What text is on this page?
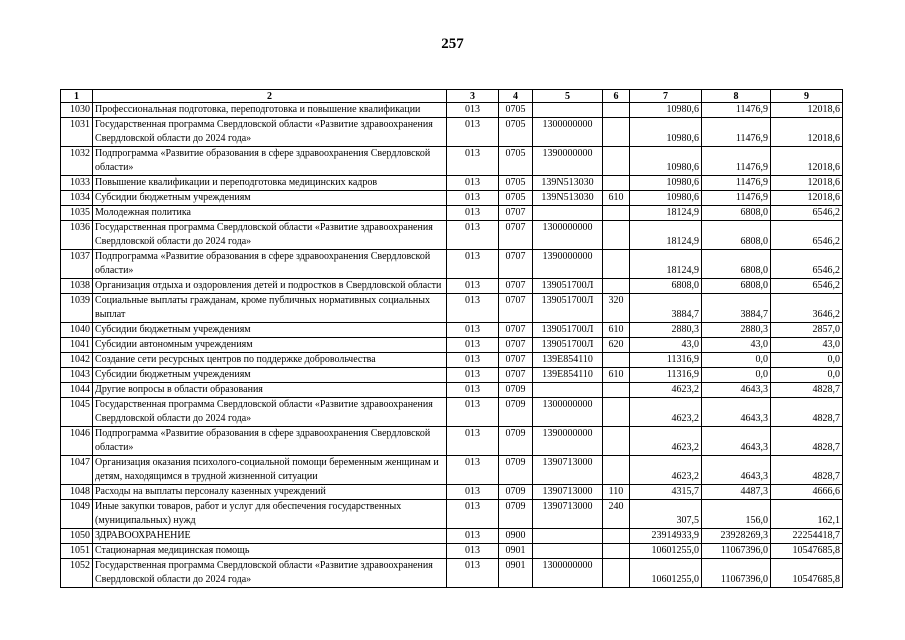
257
1	2	3	4	5	6	7	8	9
1030	Профессиональная подготовка, переподготовка и повышение квалификации	013	0705			10980,6	11476,9	12018,6
1031	Государственная программа Свердловской области «Развитие здравоохранения Свердловской области до 2024 года»	013	0705	1300000000		10980,6	11476,9	12018,6
1032	Подпрограмма «Развитие образования в сфере здравоохранения Свердловской области»	013	0705	1390000000		10980,6	11476,9	12018,6
1033	Повышение квалификации и переподготовка медицинских кадров	013	0705	139N513030		10980,6	11476,9	12018,6
1034	Субсидии бюджетным учреждениям	013	0705	139N513030	610	10980,6	11476,9	12018,6
1035	Молодежная политика	013	0707			18124,9	6808,0	6546,2
1036	Государственная программа Свердловской области «Развитие здравоохранения Свердловской области до 2024 года»	013	0707	1300000000		18124,9	6808,0	6546,2
1037	Подпрограмма «Развитие образования в сфере здравоохранения Свердловской области»	013	0707	1390000000		18124,9	6808,0	6546,2
1038	Организация отдыха и оздоровления детей и подростков в Свердловской области	013	0707	139051700Л		6808,0	6808,0	6546,2
1039	Социальные выплаты гражданам, кроме публичных нормативных социальных выплат	013	0707	139051700Л	320	3884,7	3884,7	3646,2
1040	Субсидии бюджетным учреждениям	013	0707	139051700Л	610	2880,3	2880,3	2857,0
1041	Субсидии автономным учреждениям	013	0707	139051700Л	620	43,0	43,0	43,0
1042	Создание сети ресурсных центров по поддержке добровольчества	013	0707	139E854110		11316,9	0,0	0,0
1043	Субсидии бюджетным учреждениям	013	0707	139E854110	610	11316,9	0,0	0,0
1044	Другие вопросы в области образования	013	0709			4623,2	4643,3	4828,7
1045	Государственная программа Свердловской области «Развитие здравоохранения Свердловской области до 2024 года»	013	0709	1300000000		4623,2	4643,3	4828,7
1046	Подпрограмма «Развитие образования в сфере здравоохранения Свердловской области»	013	0709	1390000000		4623,2	4643,3	4828,7
1047	Организация оказания психолого-социальной помощи беременным женщинам и детям, находящимся в трудной жизненной ситуации	013	0709	1390713000		4623,2	4643,3	4828,7
1048	Расходы на выплаты персоналу казенных учреждений	013	0709	1390713000	110	4315,7	4487,3	4666,6
1049	Иные закупки товаров, работ и услуг для обеспечения государственных (муниципальных) нужд	013	0709	1390713000	240	307,5	156,0	162,1
1050	ЗДРАВООХРАНЕНИЕ	013	0900			23914933,9	23928269,3	22254418,7
1051	Стационарная медицинская помощь	013	0901			10601255,0	11067396,0	10547685,8
1052	Государственная программа Свердловской области «Развитие здравоохранения Свердловской области до 2024 года»	013	0901	1300000000		10601255,0	11067396,0	10547685,8
